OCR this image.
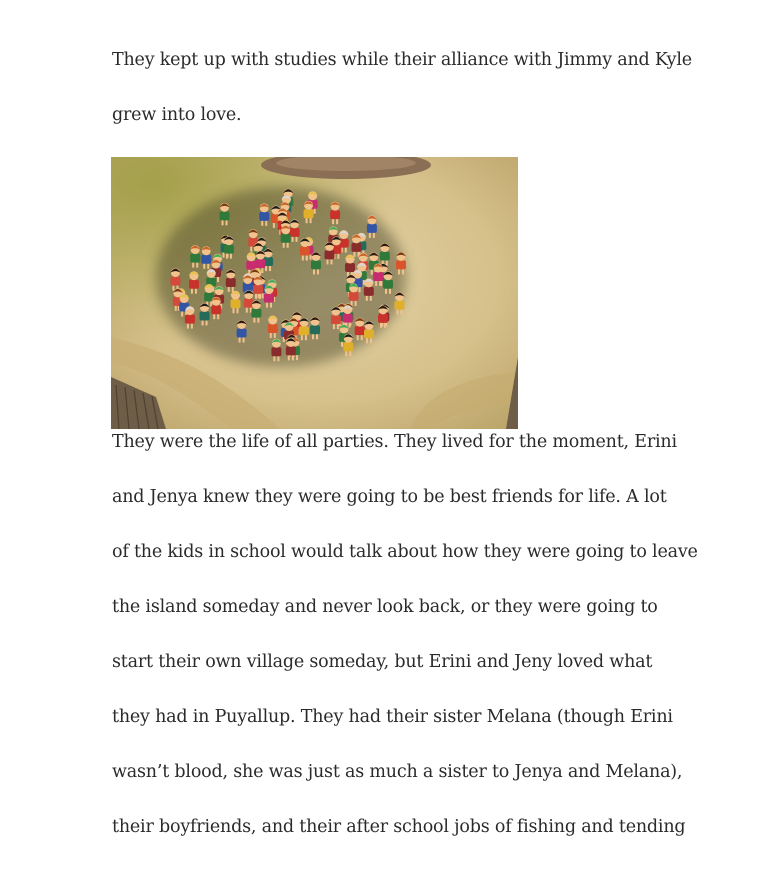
They kept up with studies while their alliance with Jimmy and Kyle

grew into love.

They were the life of all parties. They lived for the moment, Erini

and Jenya knew they were going to be best friends for life. A lot

of the kids in school would talk about how they were going to leave

the island someday and never look back, or they were going to

start their own village someday, but Erini and Jeny loved what

they had in Puyallup. They had their sister Melana (though Erini

wasn’t blood, she was just as much a sister to Jenya and Melana),

their boyfriends, and their after school jobs of fishing and tending
